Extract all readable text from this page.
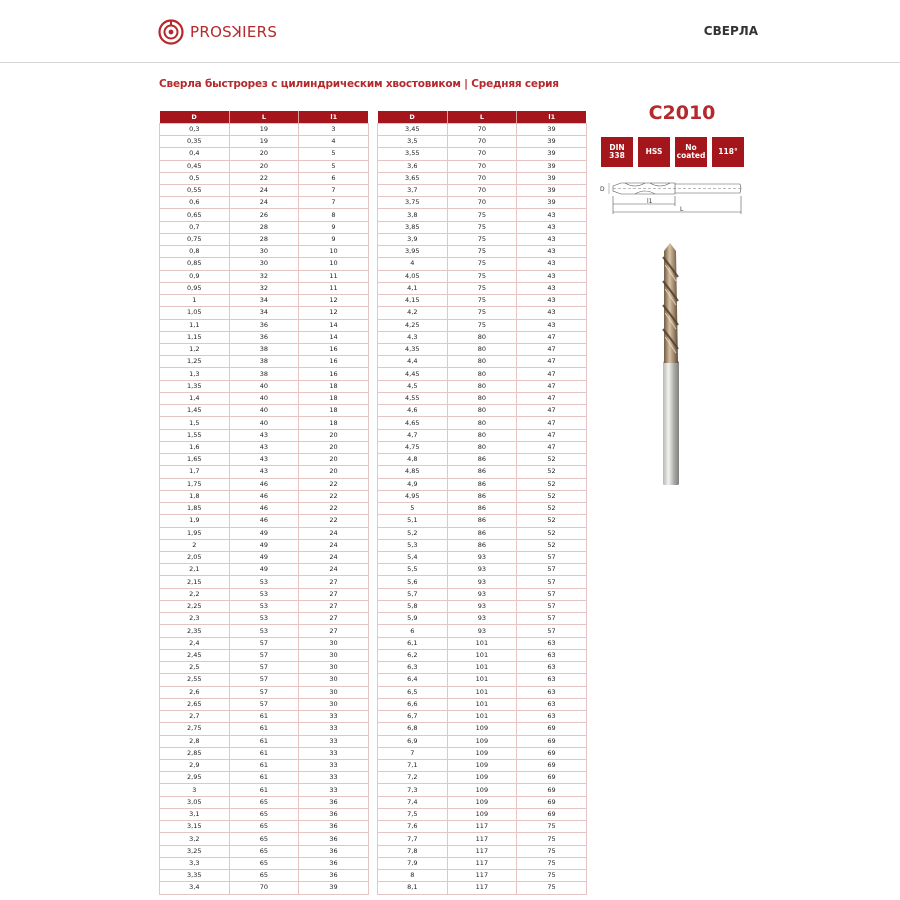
PROSꓘIERS	СВЕРЛА
Сверла быстрорез с цилиндрическим хвостовиком | Средняя серия
D	L	l1
0,3	19	3
0,35	19	4
0,4	20	5
0,45	20	5
0,5	22	6
0,55	24	7
0,6	24	7
0,65	26	8
0,7	28	9
0,75	28	9
0,8	30	10
0,85	30	10
0,9	32	11
0,95	32	11
1	34	12
1,05	34	12
1,1	36	14
1,15	36	14
1,2	38	16
1,25	38	16
1,3	38	16
1,35	40	18
1,4	40	18
1,45	40	18
1,5	40	18
1,55	43	20
1,6	43	20
1,65	43	20
1,7	43	20
1,75	46	22
1,8	46	22
1,85	46	22
1,9	46	22
1,95	49	24
2	49	24
2,05	49	24
2,1	49	24
2,15	53	27
2,2	53	27
2,25	53	27
2,3	53	27
2,35	53	27
2,4	57	30
2,45	57	30
2,5	57	30
2,55	57	30
2,6	57	30
2,65	57	30
2,7	61	33
2,75	61	33
2,8	61	33
2,85	61	33
2,9	61	33
2,95	61	33
3	61	33
3,05	65	36
3,1	65	36
3,15	65	36
3,2	65	36
3,25	65	36
3,3	65	36
3,35	65	36
3,4	70	39
D	L	l1
3,45	70	39
3,5	70	39
3,55	70	39
3,6	70	39
3,65	70	39
3,7	70	39
3,75	70	39
3,8	75	43
3,85	75	43
3,9	75	43
3,95	75	43
4	75	43
4,05	75	43
4,1	75	43
4,15	75	43
4,2	75	43
4,25	75	43
4,3	80	47
4,35	80	47
4,4	80	47
4,45	80	47
4,5	80	47
4,55	80	47
4,6	80	47
4,65	80	47
4,7	80	47
4,75	80	47
4,8	86	52
4,85	86	52
4,9	86	52
4,95	86	52
5	86	52
5,1	86	52
5,2	86	52
5,3	86	52
5,4	93	57
5,5	93	57
5,6	93	57
5,7	93	57
5,8	93	57
5,9	93	57
6	93	57
6,1	101	63
6,2	101	63
6,3	101	63
6,4	101	63
6,5	101	63
6,6	101	63
6,7	101	63
6,8	109	69
6,9	109	69
7	109	69
7,1	109	69
7,2	109	69
7,3	109	69
7,4	109	69
7,5	109	69
7,6	117	75
7,7	117	75
7,8	117	75
7,9	117	75
8	117	75
8,1	117	75
C2010
DIN
338	HSS	No
coated 118°
D
l1
L
